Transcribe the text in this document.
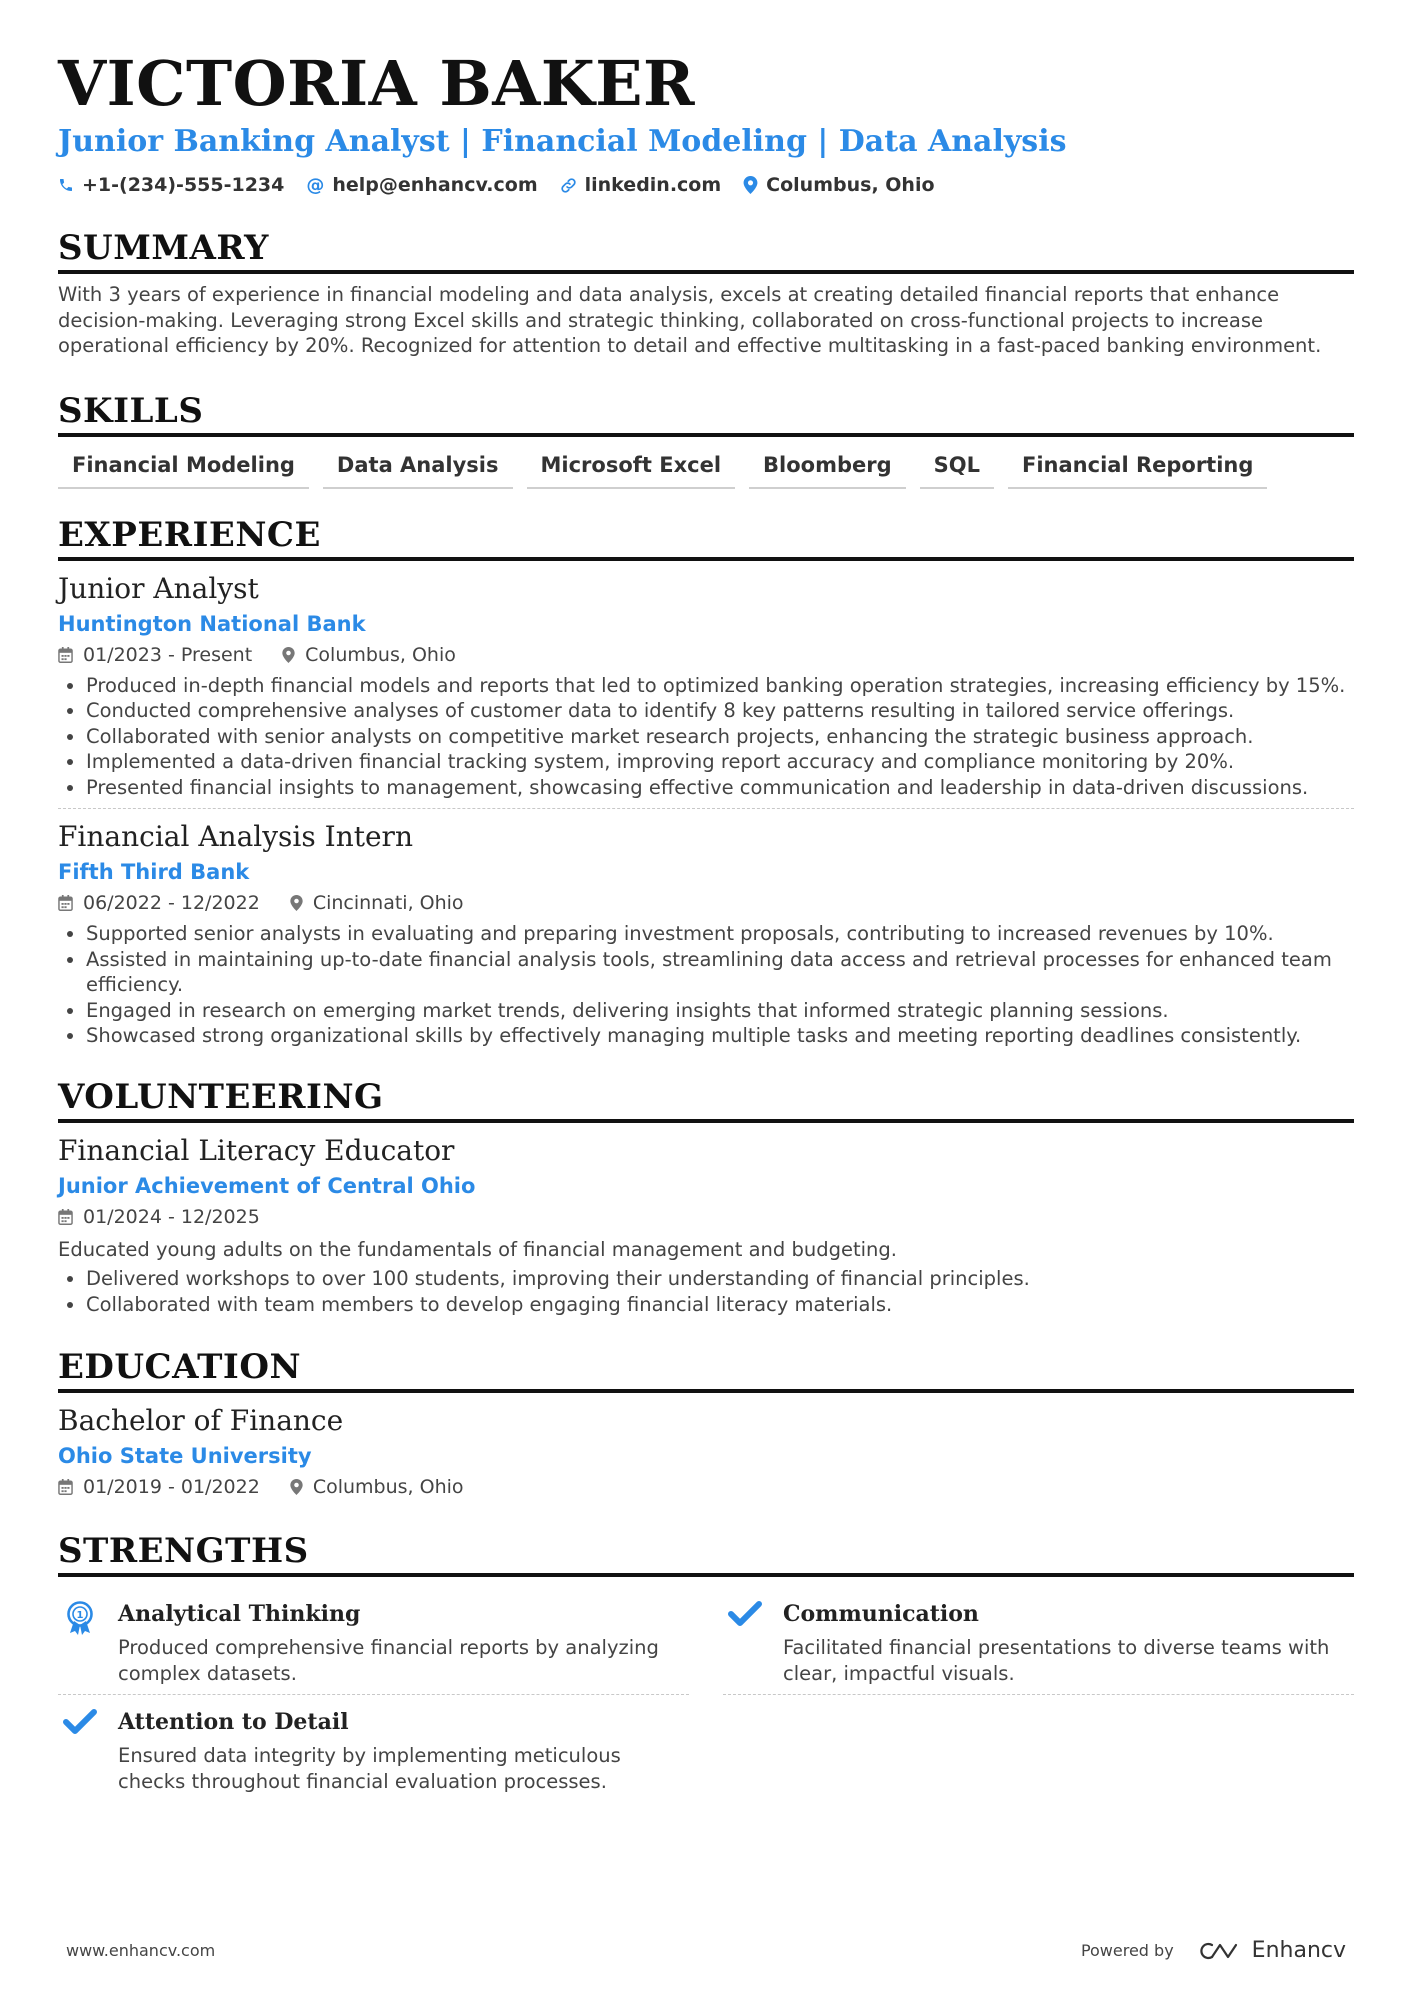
VICTORIA BAKER
Junior Banking Analyst | Financial Modeling | Data Analysis
+1-(234)-555-1234 @ help@enhancv.com linkedin.com Columbus, Ohio
SUMMARY
With 3 years of experience in financial modeling and data analysis, excels at creating detailed financial reports that enhance decision-making. Leveraging strong Excel skills and strategic thinking, collaborated on cross-functional projects to increase operational efficiency by 20%. Recognized for attention to detail and effective multitasking in a fast-paced banking environment.
SKILLS
Financial Modeling	Data Analysis	Microsoft Excel	Bloomberg	SQL	Financial Reporting
EXPERIENCE
Junior Analyst
Huntington National Bank
01/2023 - Present	Columbus, Ohio
• Produced in-depth financial models and reports that led to optimized banking operation strategies, increasing efficiency by 15%.
• Conducted comprehensive analyses of customer data to identify 8 key patterns resulting in tailored service offerings.
• Collaborated with senior analysts on competitive market research projects, enhancing the strategic business approach.
• Implemented a data-driven financial tracking system, improving report accuracy and compliance monitoring by 20%.
• Presented financial insights to management, showcasing effective communication and leadership in data-driven discussions.
Financial Analysis Intern
Fifth Third Bank
06/2022 - 12/2022	Cincinnati, Ohio
• Supported senior analysts in evaluating and preparing investment proposals, contributing to increased revenues by 10%.
• Assisted in maintaining up-to-date financial analysis tools, streamlining data access and retrieval processes for enhanced team efficiency.
• Engaged in research on emerging market trends, delivering insights that informed strategic planning sessions.
• Showcased strong organizational skills by effectively managing multiple tasks and meeting reporting deadlines consistently.
VOLUNTEERING
Financial Literacy Educator
Junior Achievement of Central Ohio
01/2024 - 12/2025
Educated young adults on the fundamentals of financial management and budgeting.
• Delivered workshops to over 100 students, improving their understanding of financial principles.
• Collaborated with team members to develop engaging financial literacy materials.
EDUCATION
Bachelor of Finance
Ohio State University
01/2019 - 01/2022	Columbus, Ohio
STRENGTHS
1 Analytical Thinking
Produced comprehensive financial reports by analyzing complex datasets.
Communication
Facilitated financial presentations to diverse teams with clear, impactful visuals.
Attention to Detail
Ensured data integrity by implementing meticulous checks throughout financial evaluation processes.
www.enhancv.com	Powered by	Enhancv
